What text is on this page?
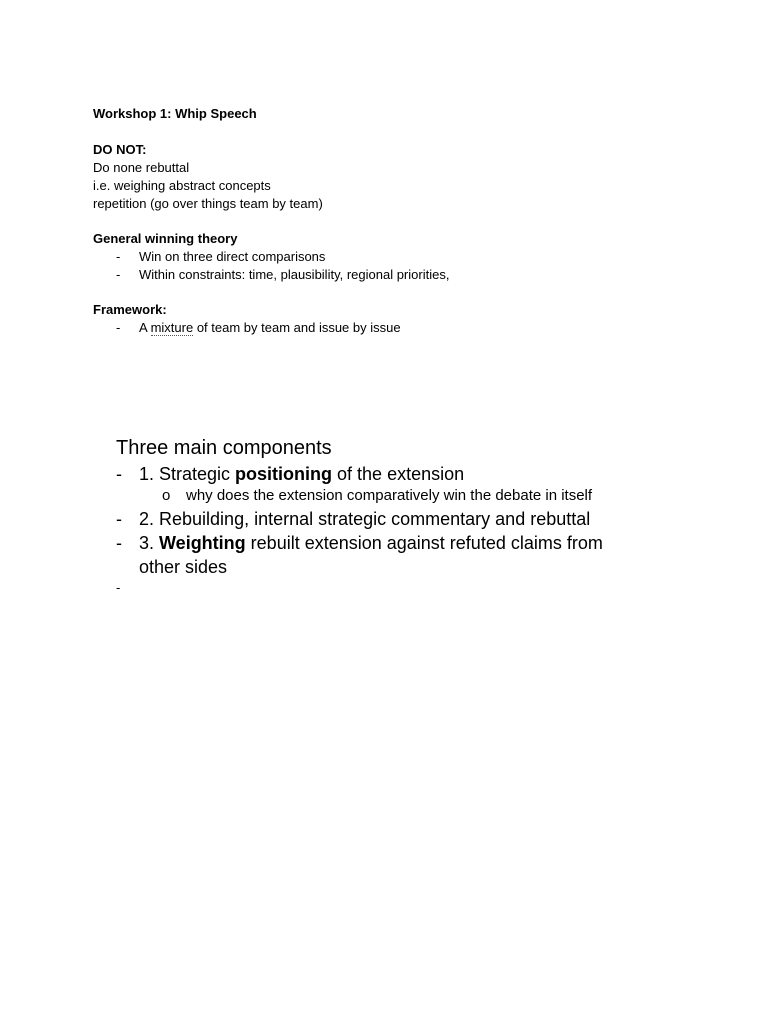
Workshop 1: Whip Speech
DO NOT:
Do none rebuttal
i.e. weighing abstract concepts
repetition (go over things team by team)
General winning theory
- Win on three direct comparisons
- Within constraints: time, plausibility, regional priorities,
Framework:
- A mixture of team by team and issue by issue
Three main components
- 1. Strategic positioning of the extension
o why does the extension comparatively win the debate in itself
- 2. Rebuilding, internal strategic commentary and rebuttal
- 3. Weighting rebuilt extension against refuted claims from
other sides
-
